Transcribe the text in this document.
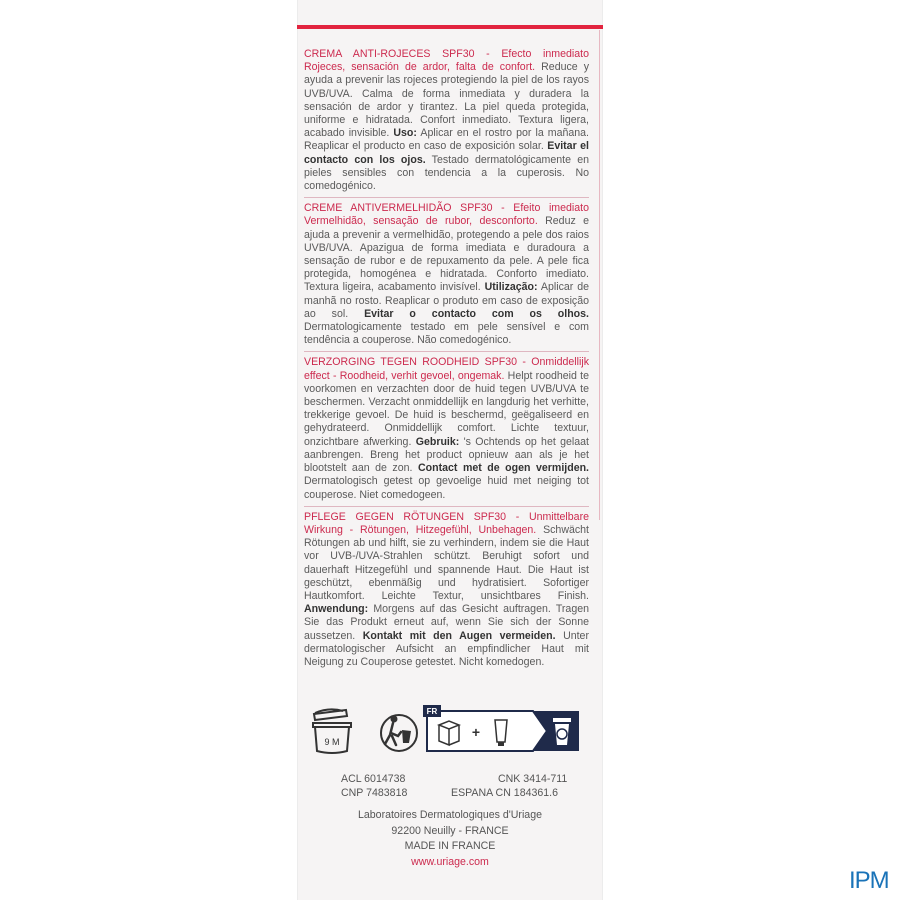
CREMA ANTI-ROJECES SPF30 - Efecto inmediato Rojeces, sensación de ardor, falta de confort. Reduce y ayuda a prevenir las rojeces protegiendo la piel de los rayos UVB/UVA. Calma de forma inmediata y duradera la sensación de ardor y tirantez. La piel queda protegida, uniforme e hidratada. Confort inmediato. Textura ligera, acabado invisible. Uso: Aplicar en el rostro por la mañana. Reaplicar el producto en caso de exposición solar. Evitar el contacto con los ojos. Testado dermatológicamente en pieles sensibles con tendencia a la cuperosis. No comedogénico.

CREME ANTIVERMELHIDÃO SPF30 - Efeito imediato Vermelhidão, sensação de rubor, desconforto. Reduz e ajuda a prevenir a vermelhidão, protegendo a pele dos raios UVB/UVA. Apazigua de forma imediata e duradoura a sensação de rubor e de repuxamento da pele. A pele fica protegida, homogénea e hidratada. Conforto imediato. Textura ligeira, acabamento invisível. Utilização: Aplicar de manhã no rosto. Reaplicar o produto em caso de exposição ao sol. Evitar o contacto com os olhos. Dermatologicamente testado em pele sensível e com tendência a couperose. Não comedogénico.

VERZORGING TEGEN ROODHEID SPF30 - Onmiddellijk effect - Roodheid, verhit gevoel, ongemak. Helpt roodheid te voorkomen en verzachten door de huid tegen UVB/UVA te beschermen. Verzacht onmiddellijk en langdurig het verhitte, trekkerige gevoel. De huid is beschermd, geëgaliseerd en gehydrateerd. Onmiddellijk comfort. Lichte textuur, onzichtbare afwerking. Gebruik: 's Ochtends op het gelaat aanbrengen. Breng het product opnieuw aan als je het blootstelt aan de zon. Contact met de ogen vermijden. Dermatologisch getest op gevoelige huid met neiging tot couperose. Niet comedogeen.

PFLEGE GEGEN RÖTUNGEN SPF30 - Unmittelbare Wirkung - Rötungen, Hitzegefühl, Unbehagen. Schwächt Rötungen ab und hilft, sie zu verhindern, indem sie die Haut vor UVB-/UVA-Strahlen schützt. Beruhigt sofort und dauerhaft Hitzegefühl und spannende Haut. Die Haut ist geschützt, ebenmäßig und hydratisiert. Sofortiger Hautkomfort. Leichte Textur, unsichtbares Finish. Anwendung: Morgens auf das Gesicht auftragen. Tragen Sie das Produkt erneut auf, wenn Sie sich der Sonne aussetzen. Kontakt mit den Augen vermeiden. Unter dermatologischer Aufsicht an empfindlicher Haut mit Neigung zu Couperose getestet. Nicht komedogen.

9 M
FR
+
ACL 6014738	CNK 3414-711
CNP 7483818	ESPANA CN 184361.6
Laboratoires Dermatologiques d'Uriage
92200 Neuilly - FRANCE
MADE IN FRANCE
www.uriage.com
IPM
